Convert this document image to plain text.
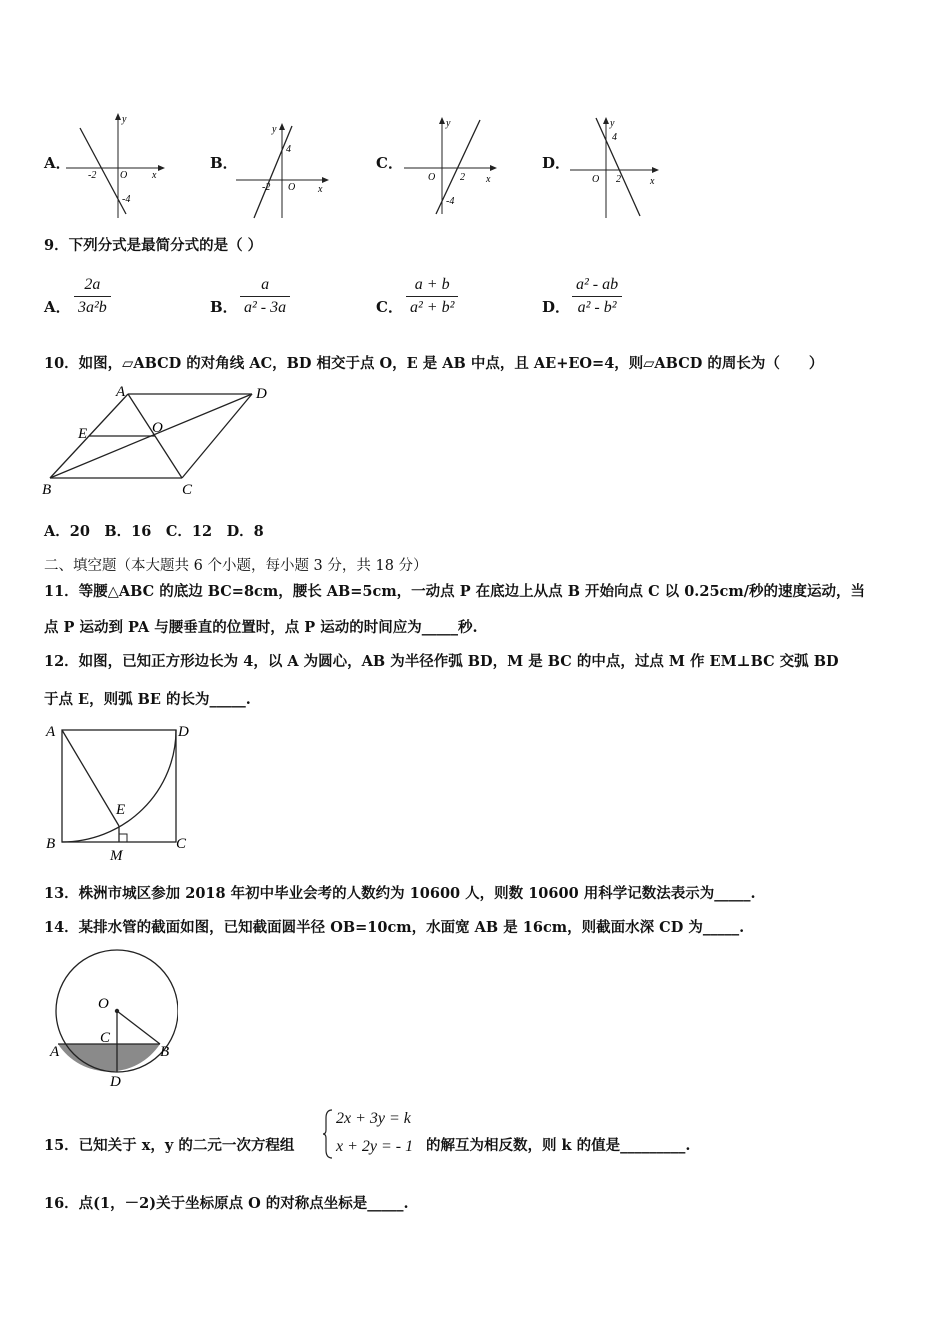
A．
-2 O
-4
x
y
B．
4
-2 O x
y
C．
O 2
-4
x
y
D．
4
O 2	x
y
9．下列分式是最简分式的是（ ）
A．
2a
3a²b	B．
a
a² - 3a	C．
a + b
a² + b²	D．
a² - ab
a² - b²
10．如图，▱ABCD 的对角线 AC，BD 相交于点 O，E 是 AB 中点，且 AE+EO=4，则▱ABCD 的周长为（　　）
A	D
E	O
B	C
A．20　B．16　C．12　D．8
二、填空题（本大题共 6 个小题，每小题 3 分，共 18 分）
11．等腰△ABC 的底边 BC=8cm，腰长 AB=5cm，一动点 P 在底边上从点 B 开始向点 C 以 0.25cm/秒的速度运动，当
点 P 运动到 PA 与腰垂直的位置时，点 P 运动的时间应为_____秒.
12．如图，已知正方形边长为 4，以 A 为圆心，AB 为半径作弧 BD，M 是 BC 的中点，过点 M 作 EM⊥BC 交弧 BD
于点 E，则弧 BE 的长为_____.
A	D
E
B
M
C
13．株洲市城区参加 2018 年初中毕业会考的人数约为 10600 人，则数 10600 用科学记数法表示为_____.
14．某排水管的截面如图，已知截面圆半径 OB=10cm，水面宽 AB 是 16cm，则截面水深 CD 为_____.
O
C
A	B
D
15．已知关于 x，y 的二元一次方程组
2x + 3y = k
x + 2y = - 1 的解互为相反数，则 k 的值是_________.
16．点(1，－2)关于坐标原点 O 的对称点坐标是_____.
